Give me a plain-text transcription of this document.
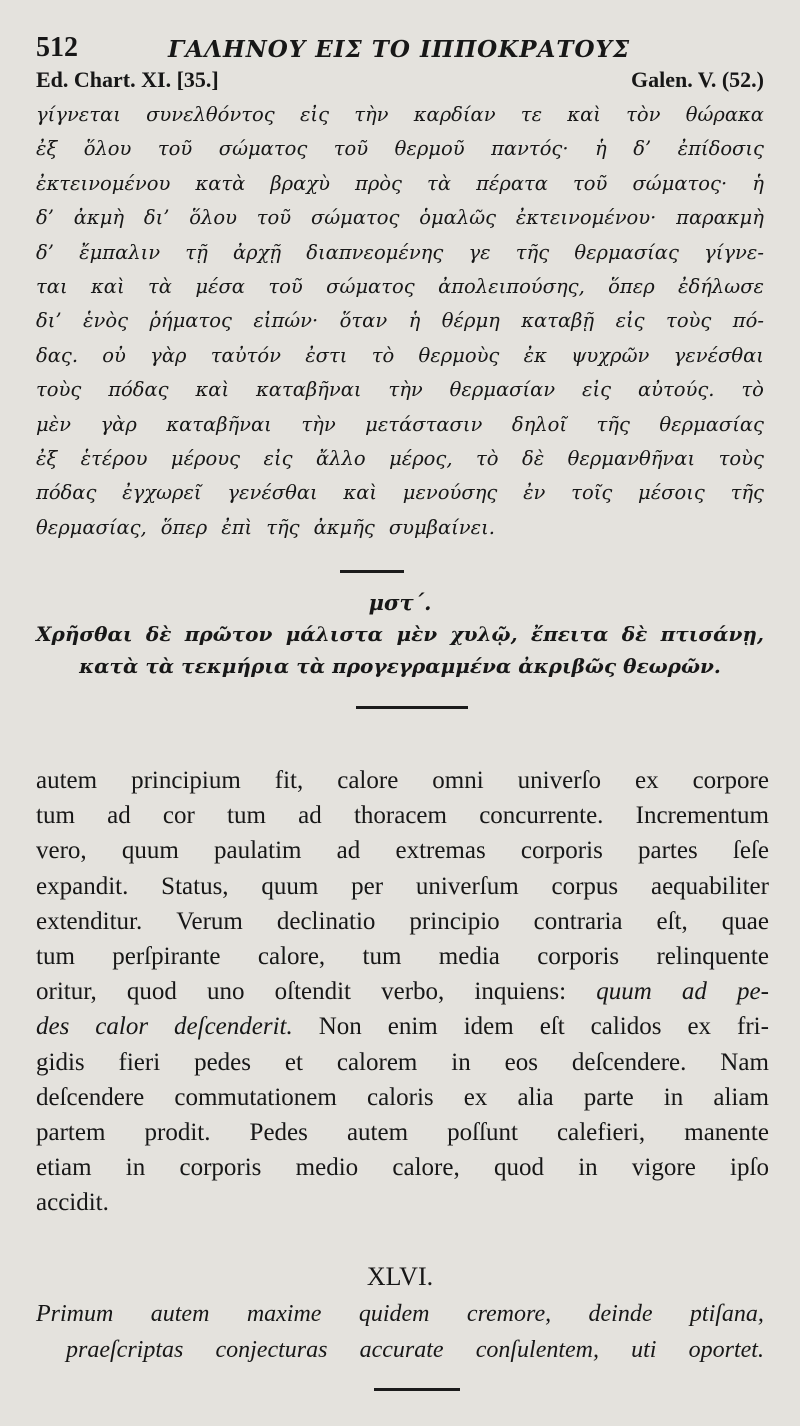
512	ΓΑΛΗΝΟΥ ΕΙΣ ΤΟ ΙΠΠΟΚΡΑΤΟΥΣ
Ed. Chart. XI. [35.]	Galen. V. (52.)
γίγνεται συνελθόντος εἰς τὴν καρδίαν τε καὶ τὸν θώρακα
ἐξ ὅλου τοῦ σώματος τοῦ θερμοῦ παντός· ἡ δ’ ἐπίδοσις
ἐκτεινομένου κατὰ βραχὺ πρὸς τὰ πέρατα τοῦ σώματος· ἡ
δ’ ἀκμὴ δι’ ὅλου τοῦ σώματος ὁμαλῶς ἐκτεινομένου· παρακμὴ
δ’ ἔμπαλιν τῇ ἀρχῇ διαπνεομένης γε τῆς θερμασίας γίγνε-
ται καὶ τὰ μέσα τοῦ σώματος ἀπολειπούσης, ὅπερ ἐδήλωσε
δι’ ἑνὸς ῥήματος εἰπών· ὅταν ἡ θέρμη καταβῇ εἰς τοὺς πό-
δας. οὐ γὰρ ταὐτόν ἐστι τὸ θερμοὺς ἐκ ψυχρῶν γενέσθαι
τοὺς πόδας καὶ καταβῆναι τὴν θερμασίαν εἰς αὐτούς. τὸ
μὲν γὰρ καταβῆναι τὴν μετάστασιν δηλοῖ τῆς θερμασίας
ἐξ ἑτέρου μέρους εἰς ἄλλο μέρος, τὸ δὲ θερμανθῆναι τοὺς
πόδας ἐγχωρεῖ γενέσθαι καὶ μενούσης ἐν τοῖς μέσοις τῆς
θερμασίας, ὅπερ ἐπὶ τῆς ἀκμῆς συμβαίνει.
μστ΄.
Χρῆσθαι δὲ πρῶτον μάλιστα μὲν χυλῷ, ἔπειτα δὲ πτισάνῃ,
κατὰ τὰ τεκμήρια τὰ προγεγραμμένα ἀκριβῶς θεωρῶν.
autem principium fit, calore omni univerſo ex corpore
tum ad cor tum ad thoracem concurrente. Incrementum
vero, quum paulatim ad extremas corporis partes ſeſe
expandit. Status, quum per univerſum corpus aequabiliter
extenditur. Verum declinatio principio contraria eſt, quae
tum perſpirante calore, tum media corporis relinquente
oritur, quod uno oſtendit verbo, inquiens: quum ad pe-
des calor deſcenderit. Non enim idem eſt calidos ex fri-
gidis fieri pedes et calorem in eos deſcendere. Nam
deſcendere commutationem caloris ex alia parte in aliam
partem prodit. Pedes autem poſſunt calefieri, manente
etiam in corporis medio calore, quod in vigore ipſo
accidit.
XLVI.
Primum autem maxime quidem cremore, deinde ptiſana,
praeſcriptas conjecturas accurate conſulentem, uti oportet.
